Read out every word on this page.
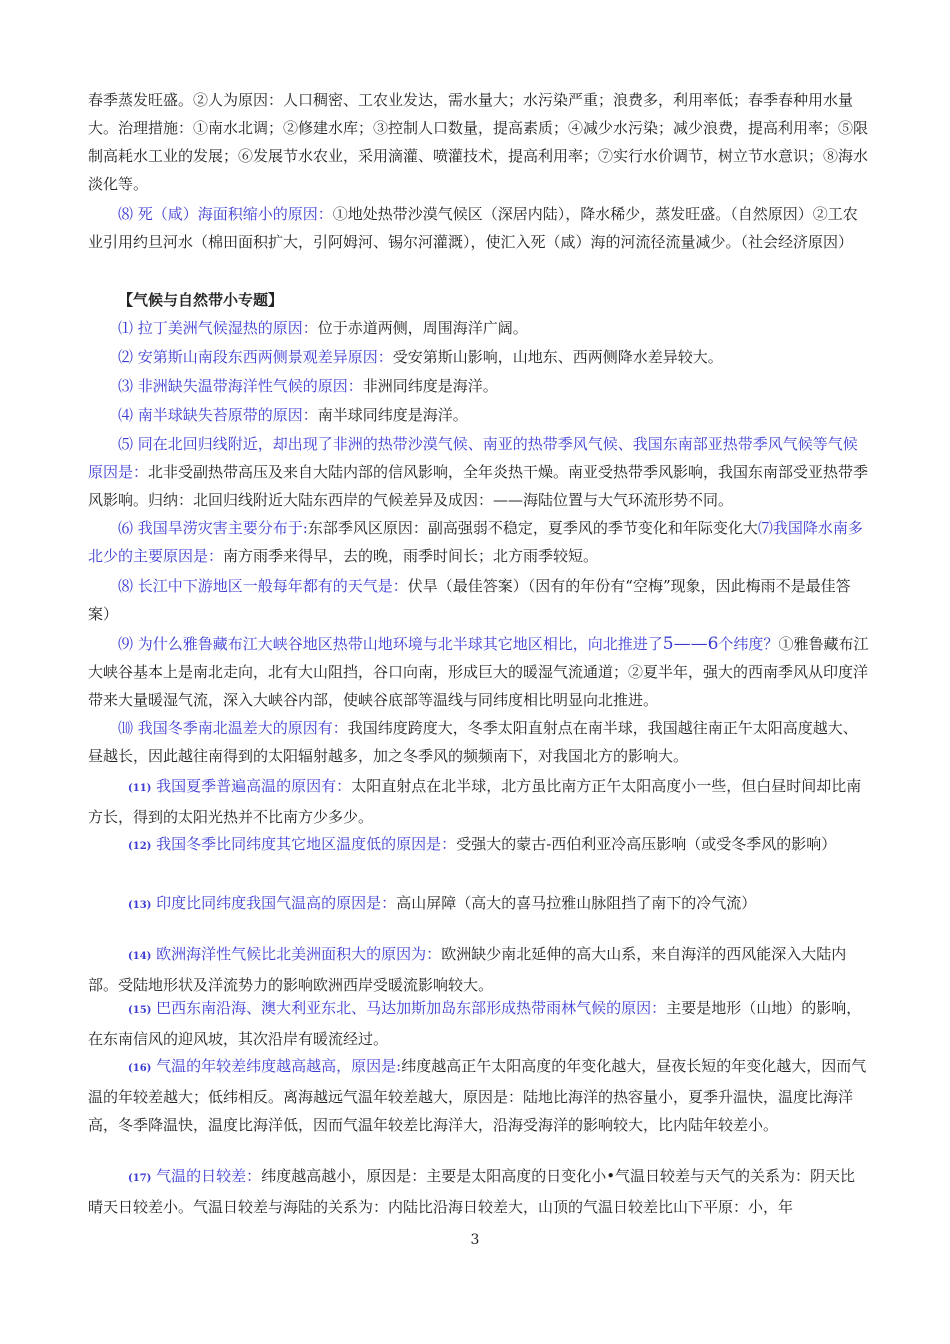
春季蒸发旺盛。②人为原因：人口稠密、工农业发达，需水量大；水污染严重；浪费多，利用率低；春季春种用水量大。治理措施：①南水北调；②修建水库；③控制人口数量，提高素质；④减少水污染；减少浪费，提高利用率；⑤限制高耗水工业的发展；⑥发展节水农业，采用滴灌、喷灌技术，提高利用率；⑦实行水价调节，树立节水意识；⑧海水淡化等。

⑻ 死（咸）海面积缩小的原因：①地处热带沙漠气候区（深居内陆），降水稀少，蒸发旺盛。（自然原因）②工农业引用约旦河水（棉田面积扩大，引阿姆河、锡尔河灌溉），使汇入死（咸）海的河流径流量减少。（社会经济原因）

【气候与自然带小专题】

⑴ 拉丁美洲气候湿热的原因：位于赤道两侧，周围海洋广阔。

⑵ 安第斯山南段东西两侧景观差异原因：受安第斯山影响，山地东、西两侧降水差异较大。

⑶ 非洲缺失温带海洋性气候的原因：非洲同纬度是海洋。

⑷ 南半球缺失苔原带的原因：南半球同纬度是海洋。

⑸ 同在北回归线附近，却出现了非洲的热带沙漠气候、南亚的热带季风气候、我国东南部亚热带季风气候等气候原因是：北非受副热带高压及来自大陆内部的信风影响，全年炎热干燥。南亚受热带季风影响，我国东南部受亚热带季风影响。归纳：北回归线附近大陆东西岸的气候差异及成因：——海陆位置与大气环流形势不同。

⑹ 我国旱涝灾害主要分布于:东部季风区原因：副高强弱不稳定，夏季风的季节变化和年际变化大⑺我国降水南多北少的主要原因是：南方雨季来得早，去的晚，雨季时间长；北方雨季较短。

⑻ 长江中下游地区一般每年都有的天气是：伏旱（最佳答案）（因有的年份有“空梅”现象，因此梅雨不是最佳答案）

⑼ 为什么雅鲁藏布江大峡谷地区热带山地环境与北半球其它地区相比，向北推进了5——6个纬度？①雅鲁藏布江大峡谷基本上是南北走向，北有大山阻挡，谷口向南，形成巨大的暖湿气流通道；②夏半年，强大的西南季风从印度洋带来大量暖湿气流，深入大峡谷内部，使峡谷底部等温线与同纬度相比明显向北推进。

⑽ 我国冬季南北温差大的原因有：我国纬度跨度大，冬季太阳直射点在南半球，我国越往南正午太阳高度越大、昼越长，因此越往南得到的太阳辐射越多，加之冬季风的频频南下，对我国北方的影响大。

(11) 我国夏季普遍高温的原因有：太阳直射点在北半球，北方虽比南方正午太阳高度小一些，但白昼时间却比南方长，得到的太阳光热并不比南方少多少。

(12) 我国冬季比同纬度其它地区温度低的原因是：受强大的蒙古-西伯利亚冷高压影响（或受冬季风的影响）

(13) 印度比同纬度我国气温高的原因是：高山屏障（高大的喜马拉雅山脉阻挡了南下的冷气流）

(14) 欧洲海洋性气候比北美洲面积大的原因为：欧洲缺少南北延伸的高大山系，来自海洋的西风能深入大陆内部。受陆地形状及洋流势力的影响欧洲西岸受暖流影响较大。

(15) 巴西东南沿海、澳大利亚东北、马达加斯加岛东部形成热带雨林气候的原因：主要是地形（山地）的影响，在东南信风的迎风坡，其次沿岸有暖流经过。

(16) 气温的年较差纬度越高越高，原因是:纬度越高正午太阳高度的年变化越大，昼夜长短的年变化越大，因而气温的年较差越大；低纬相反。离海越远气温年较差越大，原因是：陆地比海洋的热容量小，夏季升温快，温度比海洋高，冬季降温快，温度比海洋低，因而气温年较差比海洋大，沿海受海洋的影响较大，比内陆年较差小。

(17) 气温的日较差：纬度越高越小，原因是：主要是太阳高度的日变化小•气温日较差与天气的关系为：阴天比晴天日较差小。气温日较差与海陆的关系为：内陆比沿海日较差大，山顶的气温日较差比山下平原：小，年

3
